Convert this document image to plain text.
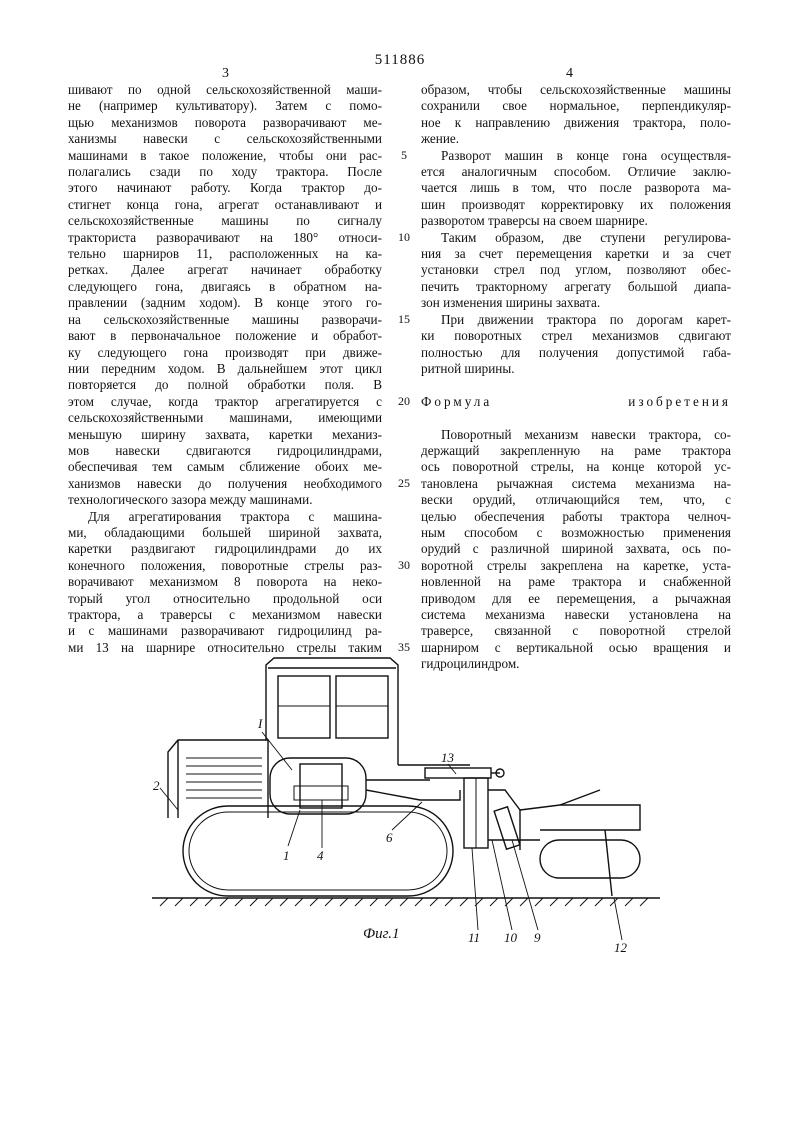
511886
3	4
шивают по одной сельскохозяйственной маши-
не (например культиватору). Затем с помо-
щью механизмов поворота разворачивают ме-
ханизмы навески с сельскохозяйственными
машинами в такое положение, чтобы они рас-
полагались сзади по ходу трактора. После
этого начинают работу. Когда трактор до-
стигнет конца гона, агрегат останавливают и
сельскохозяйственные машины по сигналу
тракториста разворачивают на 180° относи-
тельно шарниров 11, расположенных на ка-
ретках. Далее агрегат начинает обработку
следующего гона, двигаясь в обратном на-
правлении (задним ходом). В конце этого го-
на сельскохозяйственные машины разворачи-
вают в первоначальное положение и обработ-
ку следующего гона производят при движе-
нии передним ходом. В дальнейшем этот цикл
повторяется до полной обработки поля. В
этом случае, когда трактор агрегатируется с
сельскохозяйственными машинами, имеющими
меньшую ширину захвата, каретки механиз-
мов навески сдвигаются гидроцилиндрами,
обеспечивая тем самым сближение обоих ме-
ханизмов навески до получения необходимого
технологического зазора между машинами.
Для агрегатирования трактора с машина-
ми, обладающими большей шириной захвата,
каретки раздвигают гидроцилиндрами до их
конечного положения, поворотные стрелы раз-
ворачивают механизмом 8 поворота на неко-
торый угол относительно продольной оси
трактора, а траверсы с механизмом навески
и с машинами разворачивают гидроцилинд ра-
ми 13 на шарнире относительно стрелы таким
образом, чтобы сельскохозяйственные машины
сохранили свое нормальное, перпендикуляр-
ное к направлению движения трактора, поло-
жение.
Разворот машин в конце гона осуществля-
ется аналогичным способом. Отличие заклю-
чается лишь в том, что после разворота ма-
шин производят корректировку их положения
разворотом траверсы на своем шарнире.
Таким образом, две ступени регулирова-
ния за счет перемещения каретки и за счет
установки стрел под углом, позволяют обес-
печить тракторному агрегату большой диапа-
зон изменения ширины захвата.
При движении трактора по дорогам карет-
ки поворотных стрел механизмов сдвигают
полностью для получения допустимой габа-
ритной ширины.

Формула изобретения

Поворотный механизм навески трактора, со-
держащий закрепленную на раме трактора
ось поворотной стрелы, на конце которой ус-
тановлена рычажная система механизма на-
вески орудий, отличающийся тем, что, с
целью обеспечения работы трактора челноч-
ным способом с возможностью применения
орудий с различной шириной захвата, ось по-
воротной стрелы закреплена на каретке, уста-
новленной на раме трактора и снабженной
приводом для ее перемещения, а рычажная
система механизма навески установлена на
траверсе, связанной с поворотной стрелой
шарниром с вертикальной осью вращения и
гидроцилиндром.
5
10
15
20
25
30
35
2
I
1 4
6
13
11 10 9
12
Фиг.1
